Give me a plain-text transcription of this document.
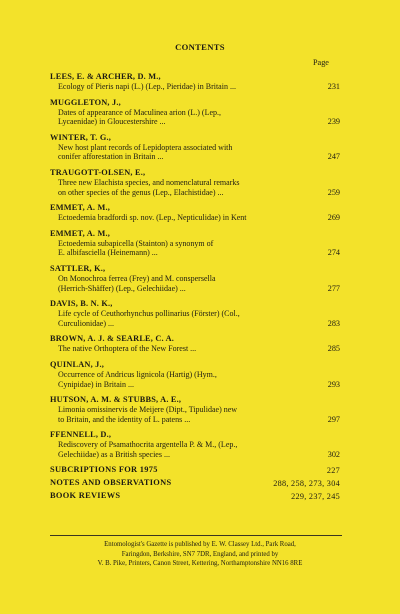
CONTENTS
Page
LEES, E. & ARCHER, D. M.,
Ecology of Pieris napi (L.) (Lep., Pieridae) in Britain ...	231
MUGGLETON, J.,
Dates of appearance of Maculinea arion (L.) (Lep.,
Lycaenidae) in Gloucestershire ...	239
WINTER, T. G.,
New host plant records of Lepidoptera associated with
conifer afforestation in Britain ...	247
TRAUGOTT-OLSEN, E.,
Three new Elachista species, and nomenclatural remarks
on other species of the genus (Lep., Elachistidae) ...	259
EMMET, A. M.,
Ectoedemia bradfordi sp. nov. (Lep., Nepticulidae) in Kent	269
EMMET, A. M.,
Ectoedemia subapicella (Stainton) a synonym of
E. albifasciella (Heinemann) ...	274
SATTLER, K.,
On Monochroa ferrea (Frey) and M. conspersella
(Herrich-Shäffer) (Lep., Gelechiidae) ...	277
DAVIS, B. N. K.,
Life cycle of Ceuthorhynchus pollinarius (Förster) (Col.,
Curculionidae) ...	283
BROWN, A. J. & SEARLE, C. A.
The native Orthoptera of the New Forest ...	285
QUINLAN, J.,
Occurrence of Andricus lignicola (Hartig) (Hym.,
Cynipidae) in Britain ...	293
HUTSON, A. M. & STUBBS, A. E.,
Limonia omissinervis de Meijere (Dipt., Tipulidae) new
to Britain, and the identity of L. patens ...	297
FFENNELL, D.,
Rediscovery of Psamathocrita argentella P. & M., (Lep.,
Gelechiidae) as a British species ...	302
SUBCRIPTIONS FOR 1975	227
NOTES AND OBSERVATIONS	288, 258, 273, 304
BOOK REVIEWS	229, 237, 245
Entomologist's Gazette is published by E. W. Classey Ltd., Park Road,
Faringdon, Berkshire, SN7 7DR, England, and printed by
V. B. Pike, Printers, Canon Street, Kettering, Northamptonshire NN16 8RE
